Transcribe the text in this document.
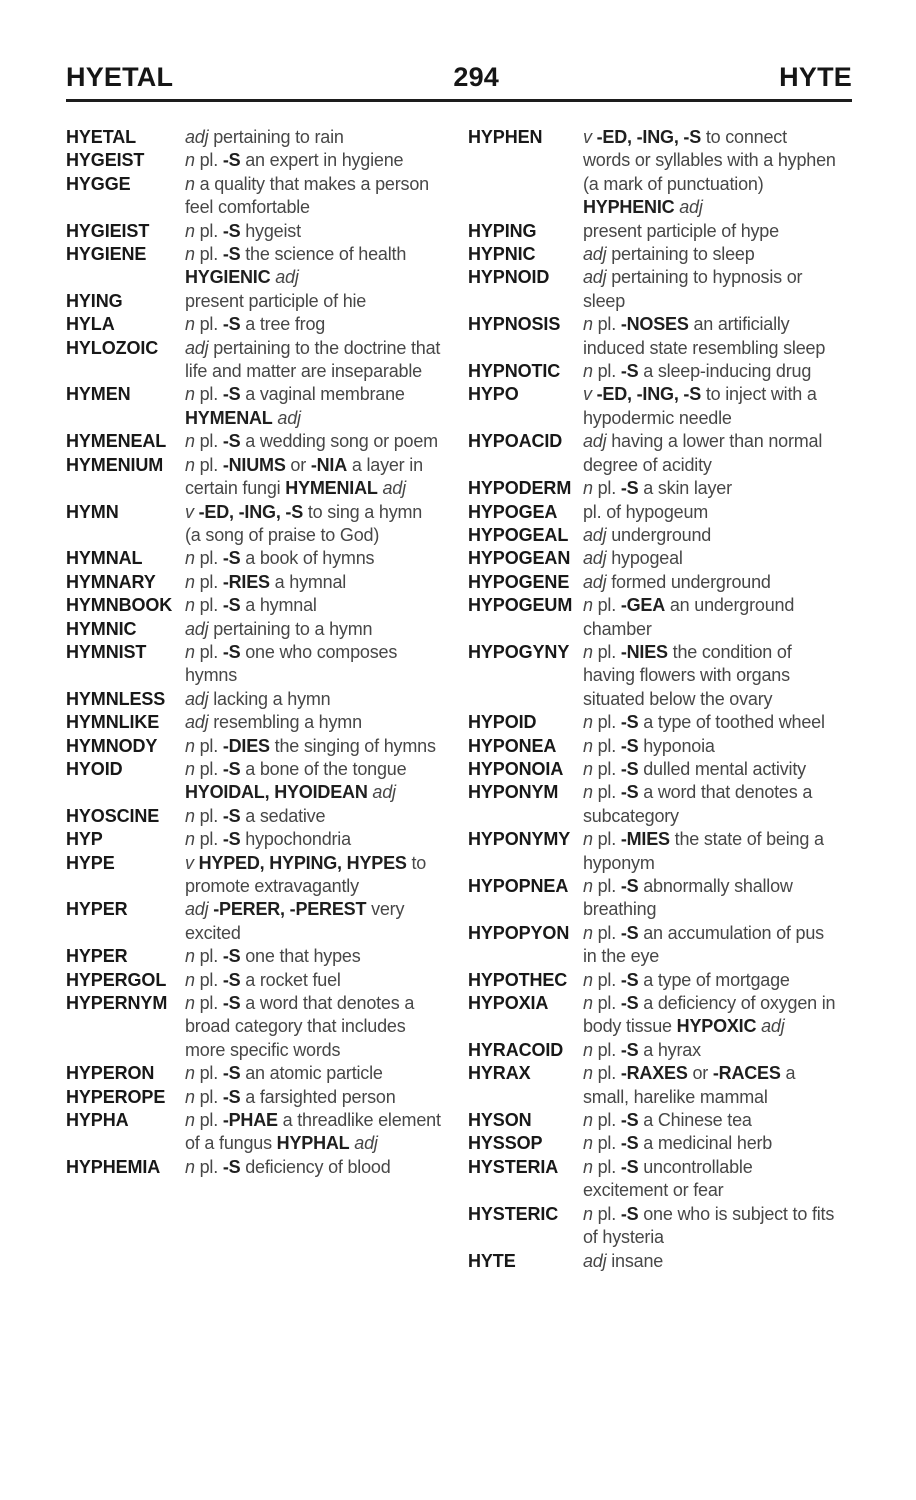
HYETAL	294	HYTE
HYETAL	adj pertaining to rain
HYGEIST	n pl. -S an expert in hygiene
HYGGE	n a quality that makes a person feel comfortable
HYGIEIST	n pl. -S hygeist
HYGIENE	n pl. -S the science of health HYGIENIC adj
HYING	present participle of hie
HYLA	n pl. -S a tree frog
HYLOZOIC	adj pertaining to the doctrine that life and matter are inseparable
HYMEN	n pl. -S a vaginal membrane HYMENAL adj
HYMENEAL	n pl. -S a wedding song or poem
HYMENIUM	n pl. -NIUMS or -NIA a layer in certain fungi HYMENIAL adj
HYMN	v -ED, -ING, -S to sing a hymn (a song of praise to God)
HYMNAL	n pl. -S a book of hymns
HYMNARY	n pl. -RIES a hymnal
HYMNBOOK n pl. -S a hymnal
HYMNIC	adj pertaining to a hymn
HYMNIST	n pl. -S one who composes hymns
HYMNLESS	adj lacking a hymn
HYMNLIKE	adj resembling a hymn
HYMNODY	n pl. -DIES the singing of hymns
HYOID	n pl. -S a bone of the tongue HYOIDAL, HYOIDEAN adj
HYOSCINE	n pl. -S a sedative
HYP	n pl. -S hypochondria
HYPE	v HYPED, HYPING, HYPES to promote extravagantly
HYPER	adj -PERER, -PEREST very excited
HYPER	n pl. -S one that hypes
HYPERGOL	n pl. -S a rocket fuel
HYPERNYM n pl. -S a word that denotes a broad category that includes more specific words
HYPERON	n pl. -S an atomic particle
HYPEROPE	n pl. -S a farsighted person
HYPHA	n pl. -PHAE a threadlike element of a fungus HYPHAL adj
HYPHEMIA	n pl. -S deficiency of blood
HYPHEN	v -ED, -ING, -S to connect words or syllables with a hyphen (a mark of punctuation) HYPHENIC adj
HYPING	present participle of hype
HYPNIC	adj pertaining to sleep
HYPNOID	adj pertaining to hypnosis or sleep
HYPNOSIS	n pl. -NOSES an artificially induced state resembling sleep
HYPNOTIC	n pl. -S a sleep-inducing drug
HYPO	v -ED, -ING, -S to inject with a hypodermic needle
HYPOACID	adj having a lower than normal degree of acidity
HYPODERM n pl. -S a skin layer
HYPOGEA	pl. of hypogeum
HYPOGEAL adj underground
HYPOGEAN adj hypogeal
HYPOGENE adj formed underground
HYPOGEUM n pl. -GEA an underground chamber
HYPOGYNY n pl. -NIES the condition of having flowers with organs situated below the ovary
HYPOID	n pl. -S a type of toothed wheel
HYPONEA	n pl. -S hyponoia
HYPONOIA	n pl. -S dulled mental activity
HYPONYM	n pl. -S a word that denotes a subcategory
HYPONYMY n pl. -MIES the state of being a hyponym
HYPOPNEA n pl. -S abnormally shallow breathing
HYPOPYON n pl. -S an accumulation of pus in the eye
HYPOTHEC n pl. -S a type of mortgage
HYPOXIA	n pl. -S a deficiency of oxygen in body tissue HYPOXIC adj
HYRACOID	n pl. -S a hyrax
HYRAX	n pl. -RAXES or -RACES a small, harelike mammal
HYSON	n pl. -S a Chinese tea
HYSSOP	n pl. -S a medicinal herb
HYSTERIA	n pl. -S uncontrollable excitement or fear
HYSTERIC	n pl. -S one who is subject to fits of hysteria
HYTE	adj insane
